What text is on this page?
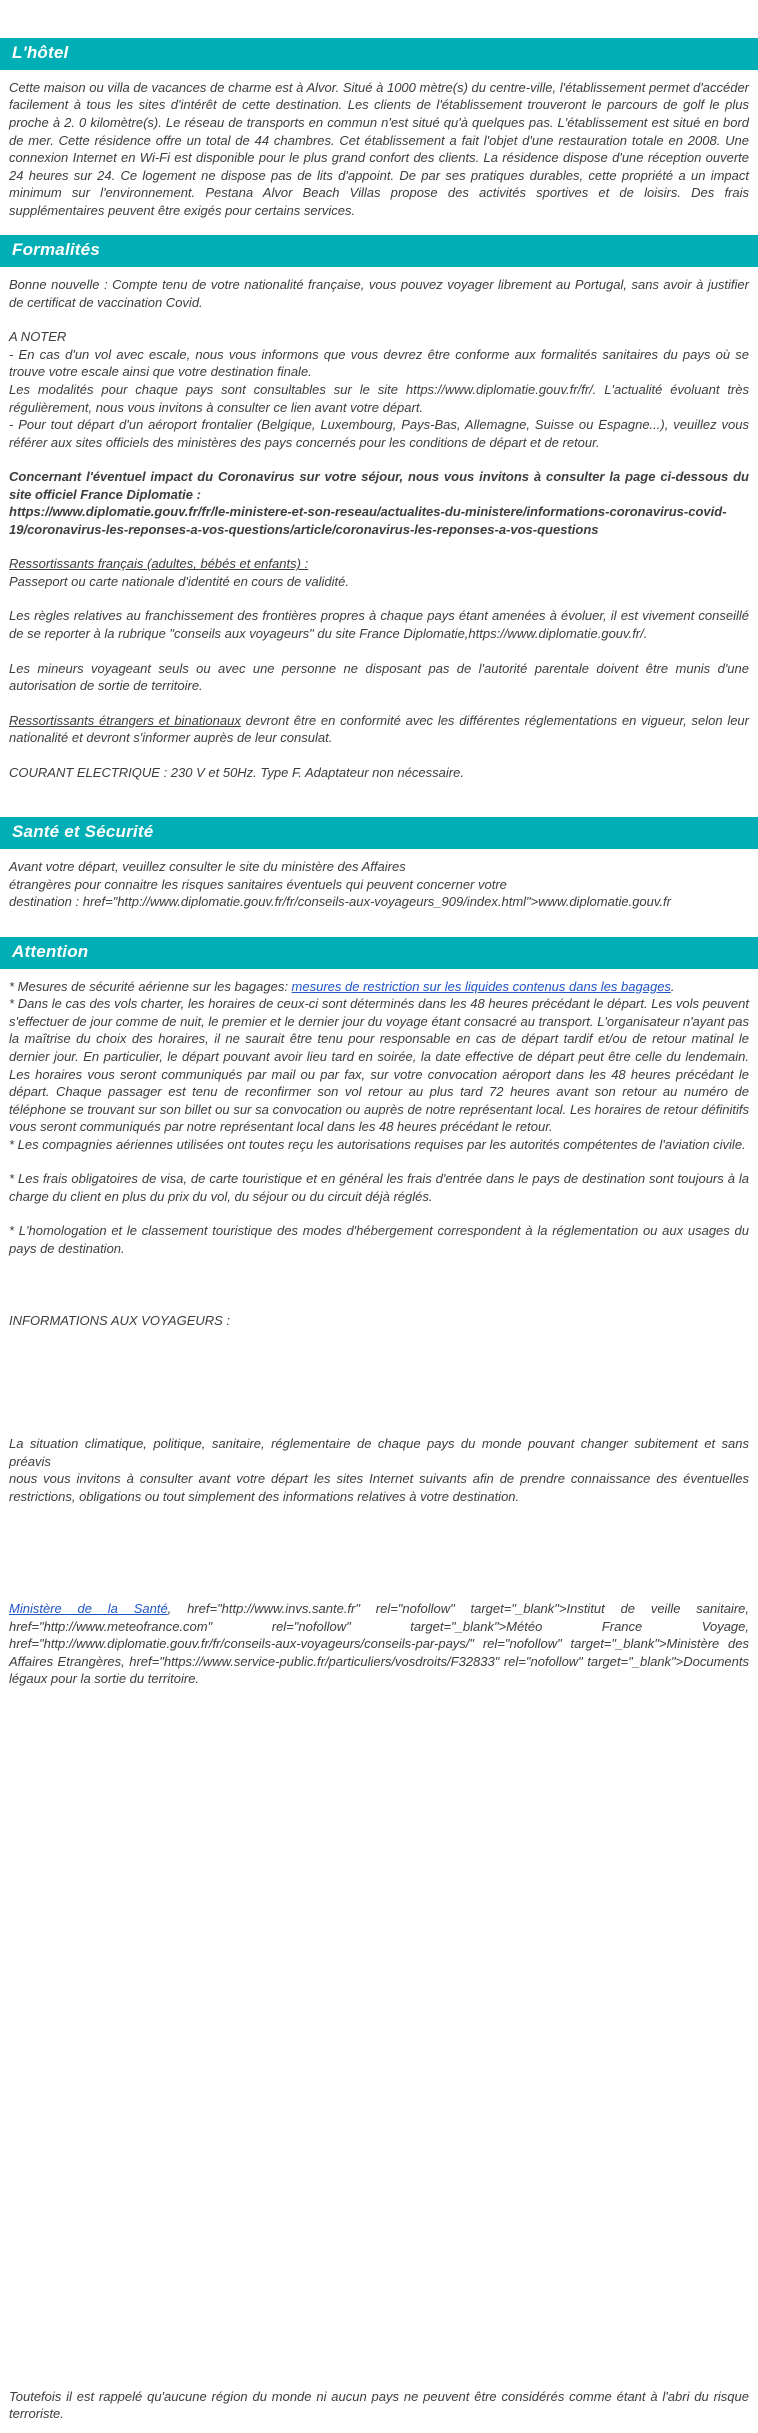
L'hôtel

Cette maison ou villa de vacances de charme est à Alvor. Situé à 1000 mètre(s) du centre-ville, l'établissement permet d'accéder facilement à tous les sites d'intérêt de cette destination. Les clients de l'établissement trouveront le parcours de golf le plus proche à 2. 0 kilomètre(s). Le réseau de transports en commun n'est situé qu'à quelques pas. L'établissement est situé en bord de mer. Cette résidence offre un total de 44 chambres. Cet établissement a fait l'objet d'une restauration totale en 2008. Une connexion Internet en Wi-Fi est disponible pour le plus grand confort des clients. La résidence dispose d'une réception ouverte 24 heures sur 24. Ce logement ne dispose pas de lits d'appoint. De par ses pratiques durables, cette propriété a un impact minimum sur l'environnement. Pestana Alvor Beach Villas propose des activités sportives et de loisirs. Des frais supplémentaires peuvent être exigés pour certains services.

Formalités

Bonne nouvelle : Compte tenu de votre nationalité française, vous pouvez voyager librement au Portugal, sans avoir à justifier de certificat de vaccination Covid.

A NOTER

- En cas d'un vol avec escale, nous vous informons que vous devrez être conforme aux formalités sanitaires du pays où se trouve votre escale ainsi que votre destination finale.

Les modalités pour chaque pays sont consultables sur le site https://www.diplomatie.gouv.fr/fr/. L'actualité évoluant très régulièrement, nous vous invitons à consulter ce lien avant votre départ.

- Pour tout départ d'un aéroport frontalier (Belgique, Luxembourg, Pays-Bas, Allemagne, Suisse ou Espagne...), veuillez vous référer aux sites officiels des ministères des pays concernés pour les conditions de départ et de retour.

Concernant l'éventuel impact du Coronavirus sur votre séjour, nous vous invitons à consulter la page ci-dessous du site officiel France Diplomatie :

https://www.diplomatie.gouv.fr/fr/le-ministere-et-son-reseau/actualites-du-ministere/informations-coronavirus-covid-19/coronavirus-les-reponses-a-vos-questions/article/coronavirus-les-reponses-a-vos-questions

Ressortissants français (adultes, bébés et enfants) :

Passeport ou carte nationale d'identité en cours de validité.

Les règles relatives au franchissement des frontières propres à chaque pays étant amenées à évoluer, il est vivement conseillé de se reporter à la rubrique "conseils aux voyageurs" du site France Diplomatie,https://www.diplomatie.gouv.fr/.

Les mineurs voyageant seuls ou avec une personne ne disposant pas de l'autorité parentale doivent être munis d'une autorisation de sortie de territoire.

Ressortissants étrangers et binationaux devront être en conformité avec les différentes réglementations en vigueur, selon leur nationalité et devront s'informer auprès de leur consulat.

COURANT ELECTRIQUE : 230 V et 50Hz. Type F. Adaptateur non nécessaire.

Santé et Sécurité

Avant votre départ, veuillez consulter le site du ministère des Affaires

étrangères pour connaitre les risques sanitaires éventuels qui peuvent concerner votre

destination : href="http://www.diplomatie.gouv.fr/fr/conseils-aux-voyageurs_909/index.html">www.diplomatie.gouv.fr

Attention

* Mesures de sécurité aérienne sur les bagages: mesures de restriction sur les liquides contenus dans les bagages.

* Dans le cas des vols charter, les horaires de ceux-ci sont déterminés dans les 48 heures précédant le départ. Les vols peuvent s'effectuer de jour comme de nuit, le premier et le dernier jour du voyage étant consacré au transport. L'organisateur n'ayant pas la maîtrise du choix des horaires, il ne saurait être tenu pour responsable en cas de départ tardif et/ou de retour matinal le dernier jour. En particulier, le départ pouvant avoir lieu tard en soirée, la date effective de départ peut être celle du lendemain. Les horaires vous seront communiqués par mail ou par fax, sur votre convocation aéroport dans les 48 heures précédant le départ. Chaque passager est tenu de reconfirmer son vol retour au plus tard 72 heures avant son retour au numéro de téléphone se trouvant sur son billet ou sur sa convocation ou auprès de notre représentant local. Les horaires de retour définitifs vous seront communiqués par notre représentant local dans les 48 heures précédant le retour.

* Les compagnies aériennes utilisées ont toutes reçu les autorisations requises par les autorités compétentes de l'aviation civile.

* Les frais obligatoires de visa, de carte touristique et en général les frais d'entrée dans le pays de destination sont toujours à la charge du client en plus du prix du vol, du séjour ou du circuit déjà réglés.

* L'homologation et le classement touristique des modes d'hébergement correspondent à la réglementation ou aux usages du pays de destination.

INFORMATIONS AUX VOYAGEURS :

La situation climatique, politique, sanitaire, réglementaire de chaque pays du monde pouvant changer subitement et sans préavis

nous vous invitons à consulter avant votre départ les sites Internet suivants afin de prendre connaissance des éventuelles restrictions, obligations ou tout simplement des informations relatives à votre destination.

Ministère de la Santé, href="http://www.invs.sante.fr" rel="nofollow" target="_blank">Institut de veille sanitaire, href="http://www.meteofrance.com" rel="nofollow" target="_blank">Météo France Voyage, href="http://www.diplomatie.gouv.fr/fr/conseils-aux-voyageurs/conseils-par-pays/" rel="nofollow" target="_blank">Ministère des Affaires Etrangères, href="https://www.service-public.fr/particuliers/vosdroits/F32833" rel="nofollow" target="_blank">Documents légaux pour la sortie du territoire.

Toutefois il est rappelé qu'aucune région du monde ni aucun pays ne peuvent être considérés comme étant à l'abri du risque terroriste.
